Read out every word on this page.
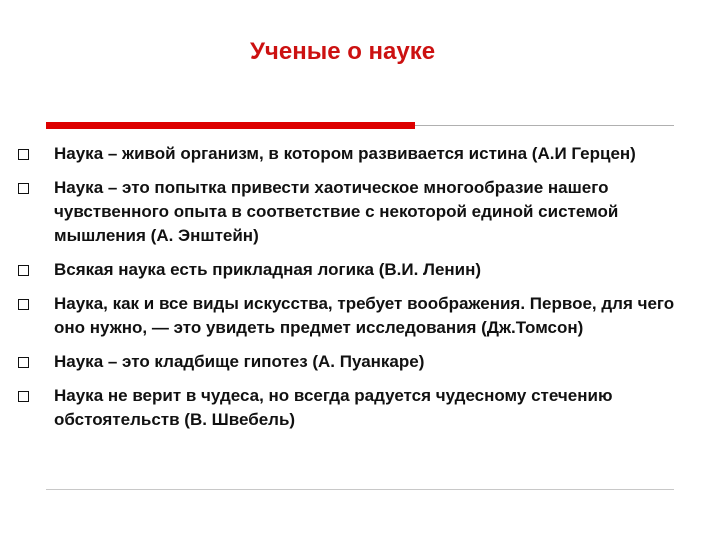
Ученые о науке
Наука – живой организм, в котором развивается истина (А.И Герцен)
Наука – это попытка привести хаотическое многообразие нашего чувственного опыта в соответствие с некоторой единой системой мышления (А. Энштейн)
Всякая наука есть прикладная логика (В.И. Ленин)
Наука, как и все виды искусства, требует воображения. Первое, для чего оно нужно, — это увидеть предмет исследования (Дж.Томсон)
Наука – это кладбище гипотез (А. Пуанкаре)
Наука не верит в чудеса, но всегда радуется чудесному стечению обстоятельств (В. Швебель)
